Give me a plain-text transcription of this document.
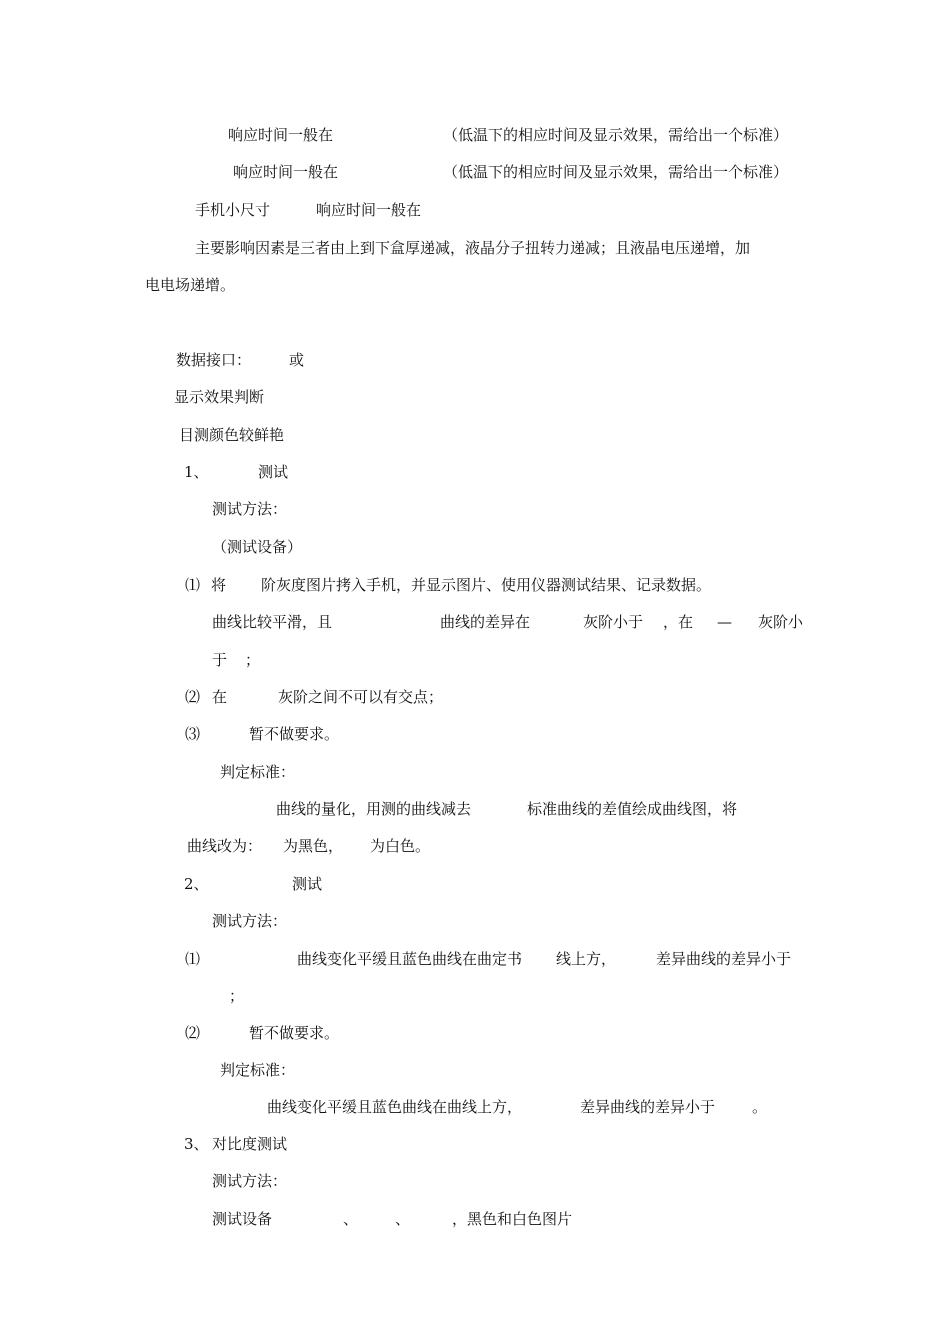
响应时间一般在	（低温下的相应时间及显示效果，需给出一个标准）
响应时间一般在	（低温下的相应时间及显示效果，需给出一个标准）
手机小尺寸	响应时间一般在
主要影响因素是三者由上到下盒厚递减，液晶分子扭转力递减；且液晶电压递增，加
电电场递增。
数据接口：	或
显示效果判断
目测颜色较鲜艳
1、	测试
测试方法：
（测试设备）
⑴ 将 阶灰度图片拷入手机，并显示图片、使用仪器测试结果、记录数据。
曲线比较平滑，且	曲线的差异在	灰阶小于 ，在 — 灰阶小
于 ；
⑵ 在	灰阶之间不可以有交点；
⑶	暂不做要求。
判定标准：
曲线的量化，用测的曲线减去	标准曲线的差值绘成曲线图，将
曲线改为： 为黑色， 为白色。
2、	测试
测试方法：
⑴	曲线变化平缓且蓝色曲线在曲定书 线上方，	差异曲线的差异小于
；
⑵	暂不做要求。
判定标准：
曲线变化平缓且蓝色曲线在曲线上方，	差异曲线的差异小于 。
3、 对比度测试
测试方法：
测试设备	、 、	，黑色和白色图片
